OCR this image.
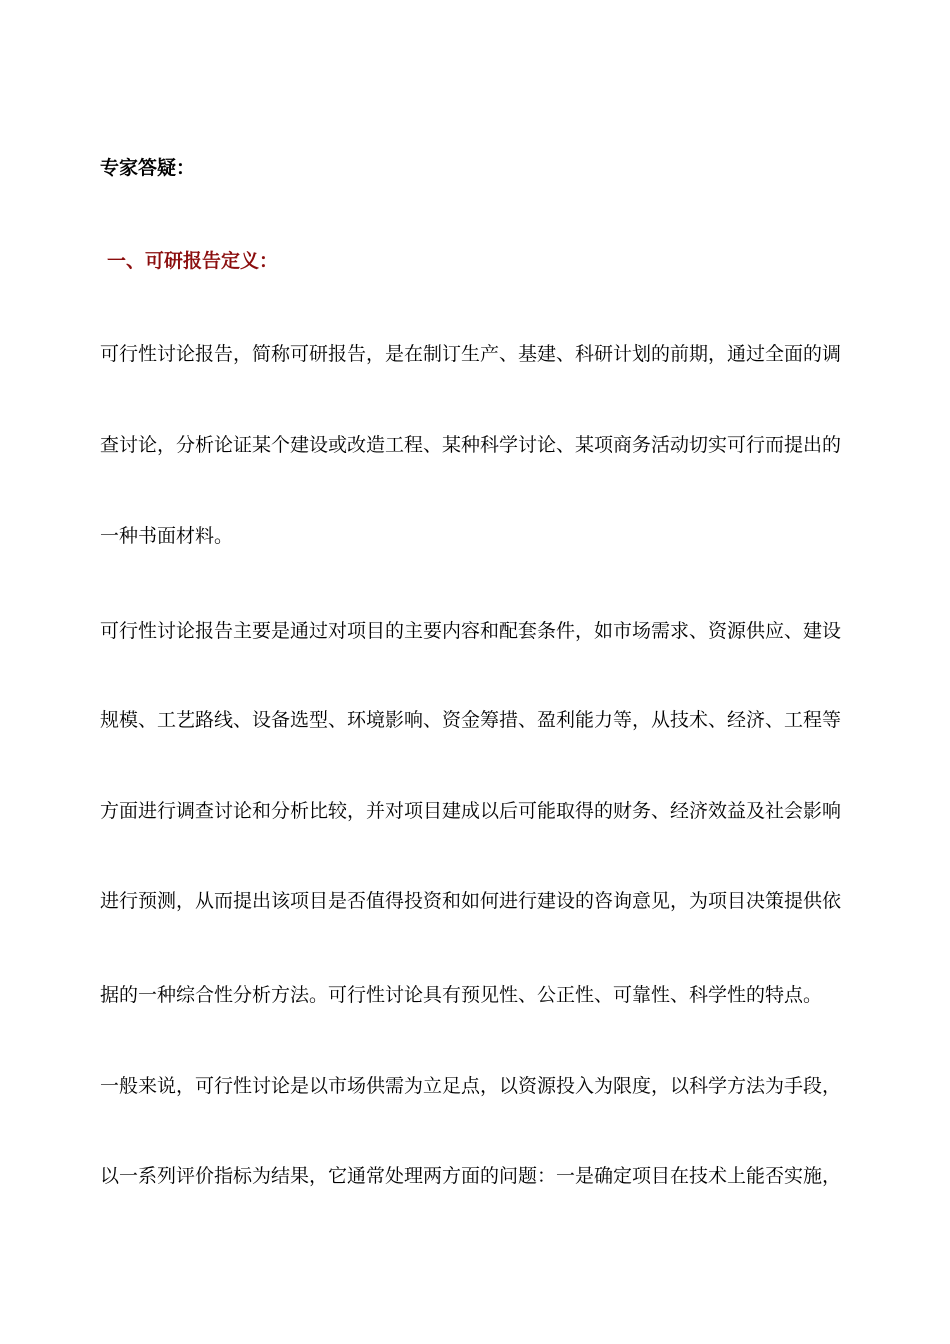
专家答疑：
一、可研报告定义：
可行性讨论报告，简称可研报告，是在制订生产、基建、科研计划的前期，通过全面的调
查讨论，分析论证某个建设或改造工程、某种科学讨论、某项商务活动切实可行而提出的
一种书面材料。
可行性讨论报告主要是通过对项目的主要内容和配套条件，如市场需求、资源供应、建设
规模、工艺路线、设备选型、环境影响、资金筹措、盈利能力等，从技术、经济、工程等
方面进行调查讨论和分析比较，并对项目建成以后可能取得的财务、经济效益及社会影响
进行预测，从而提出该项目是否值得投资和如何进行建设的咨询意见，为项目决策提供依
据的一种综合性分析方法。可行性讨论具有预见性、公正性、可靠性、科学性的特点。
一般来说，可行性讨论是以市场供需为立足点，以资源投入为限度，以科学方法为手段，
以一系列评价指标为结果，它通常处理两方面的问题：一是确定项目在技术上能否实施，
